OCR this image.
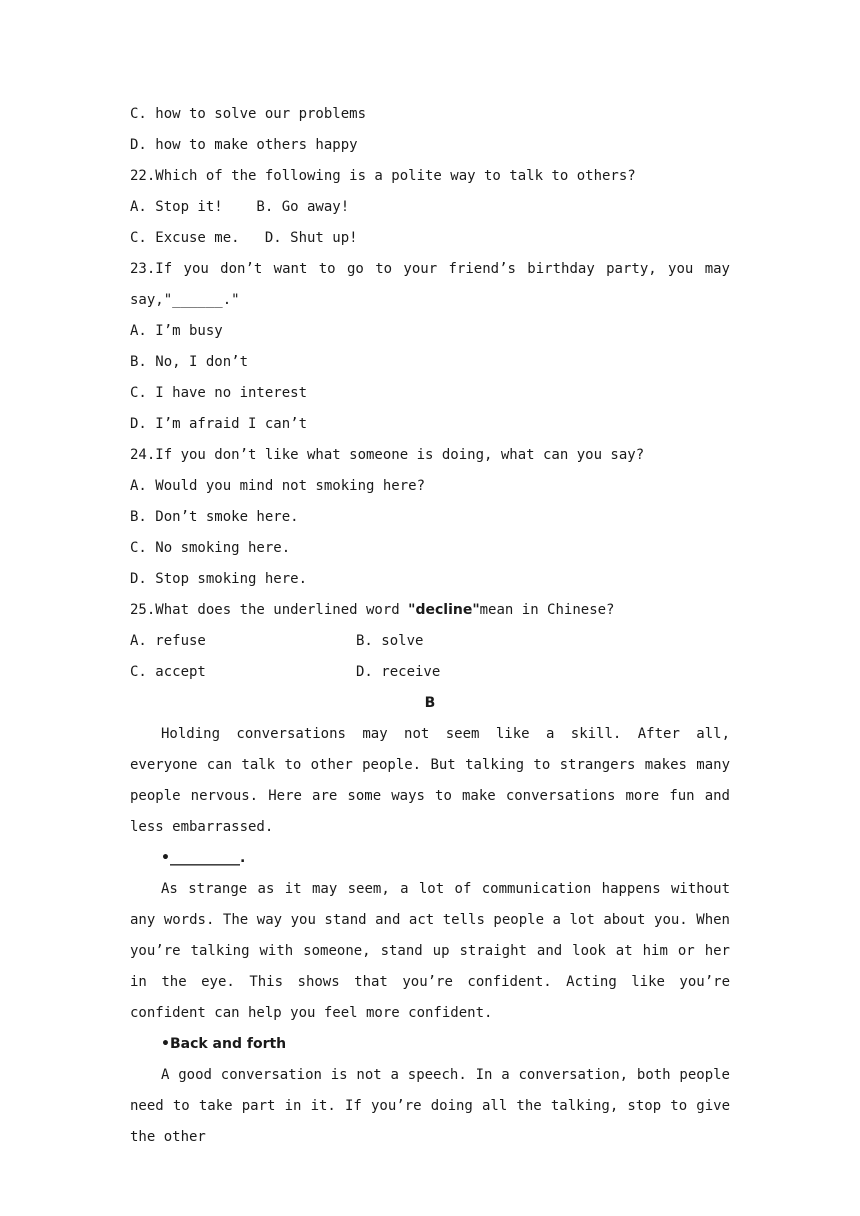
C. how to solve our problems
D. how to make others happy
22.Which of the following is a polite way to talk to others?
A. Stop it!    B. Go away!
C. Excuse me.   D. Shut up!
23.If you don’t want to go to your friend’s birthday party, you may
say,"______."
A. I’m busy
B. No, I don’t
C. I have no interest
D. I’m afraid I can’t
24.If you don’t like what someone is doing, what can you say?
A. Would you mind not smoking here?
B. Don’t smoke here.
C. No smoking here.
D. Stop smoking here.
25.What does the underlined word "decline"mean in Chinese?
A. refuse	B. solve
C. accept	D. receive
B

Holding conversations may not seem like a skill. After all, everyone can talk to other people. But talking to strangers makes many people nervous. Here are some ways to make conversations more fun and less embarrassed.

•__________.

As strange as it may seem, a lot of communication happens without any words. The way you stand and act tells people a lot about you. When you’re talking with someone, stand up straight and look at him or her in the eye. This shows that you’re confident. Acting like you’re confident can help you feel more confident.

•Back and forth

A good conversation is not a speech. In a conversation, both people need to take part in it. If you’re doing all the talking, stop to give the other
